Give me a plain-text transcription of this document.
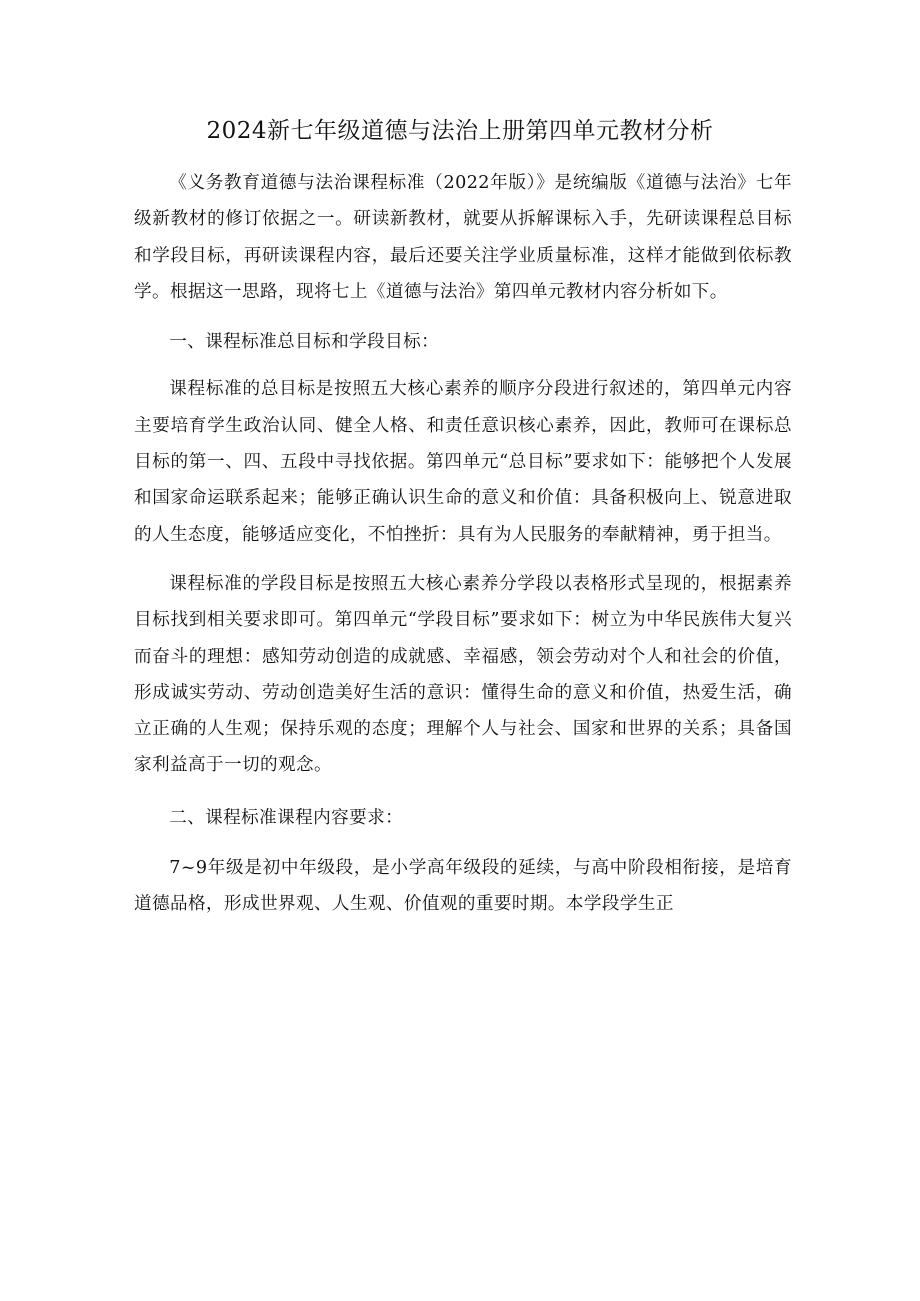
2024新七年级道德与法治上册第四单元教材分析

《义务教育道德与法治课程标准（2022年版）》是统编版《道德与法治》七年级新教材的修订依据之一。研读新教材，就要从拆解课标入手，先研读课程总目标和学段目标，再研读课程内容，最后还要关注学业质量标准，这样才能做到依标教学。根据这一思路，现将七上《道德与法治》第四单元教材内容分析如下。

一、课程标准总目标和学段目标：

课程标准的总目标是按照五大核心素养的顺序分段进行叙述的，第四单元内容主要培育学生政治认同、健全人格、和责任意识核心素养，因此，教师可在课标总目标的第一、四、五段中寻找依据。第四单元“总目标”要求如下：能够把个人发展和国家命运联系起来；能够正确认识生命的意义和价值：具备积极向上、锐意进取的人生态度，能够适应变化，不怕挫折：具有为人民服务的奉献精神，勇于担当。

课程标准的学段目标是按照五大核心素养分学段以表格形式呈现的，根据素养目标找到相关要求即可。第四单元“学段目标”要求如下：树立为中华民族伟大复兴而奋斗的理想：感知劳动创造的成就感、幸福感，领会劳动对个人和社会的价值，形成诚实劳动、劳动创造美好生活的意识：懂得生命的意义和价值，热爱生活，确立正确的人生观；保持乐观的态度；理解个人与社会、国家和世界的关系；具备国家利益高于一切的观念。

二、课程标准课程内容要求：

7~9年级是初中年级段，是小学高年级段的延续，与高中阶段相衔接，是培育道德品格，形成世界观、人生观、价值观的重要时期。本学段学生正
